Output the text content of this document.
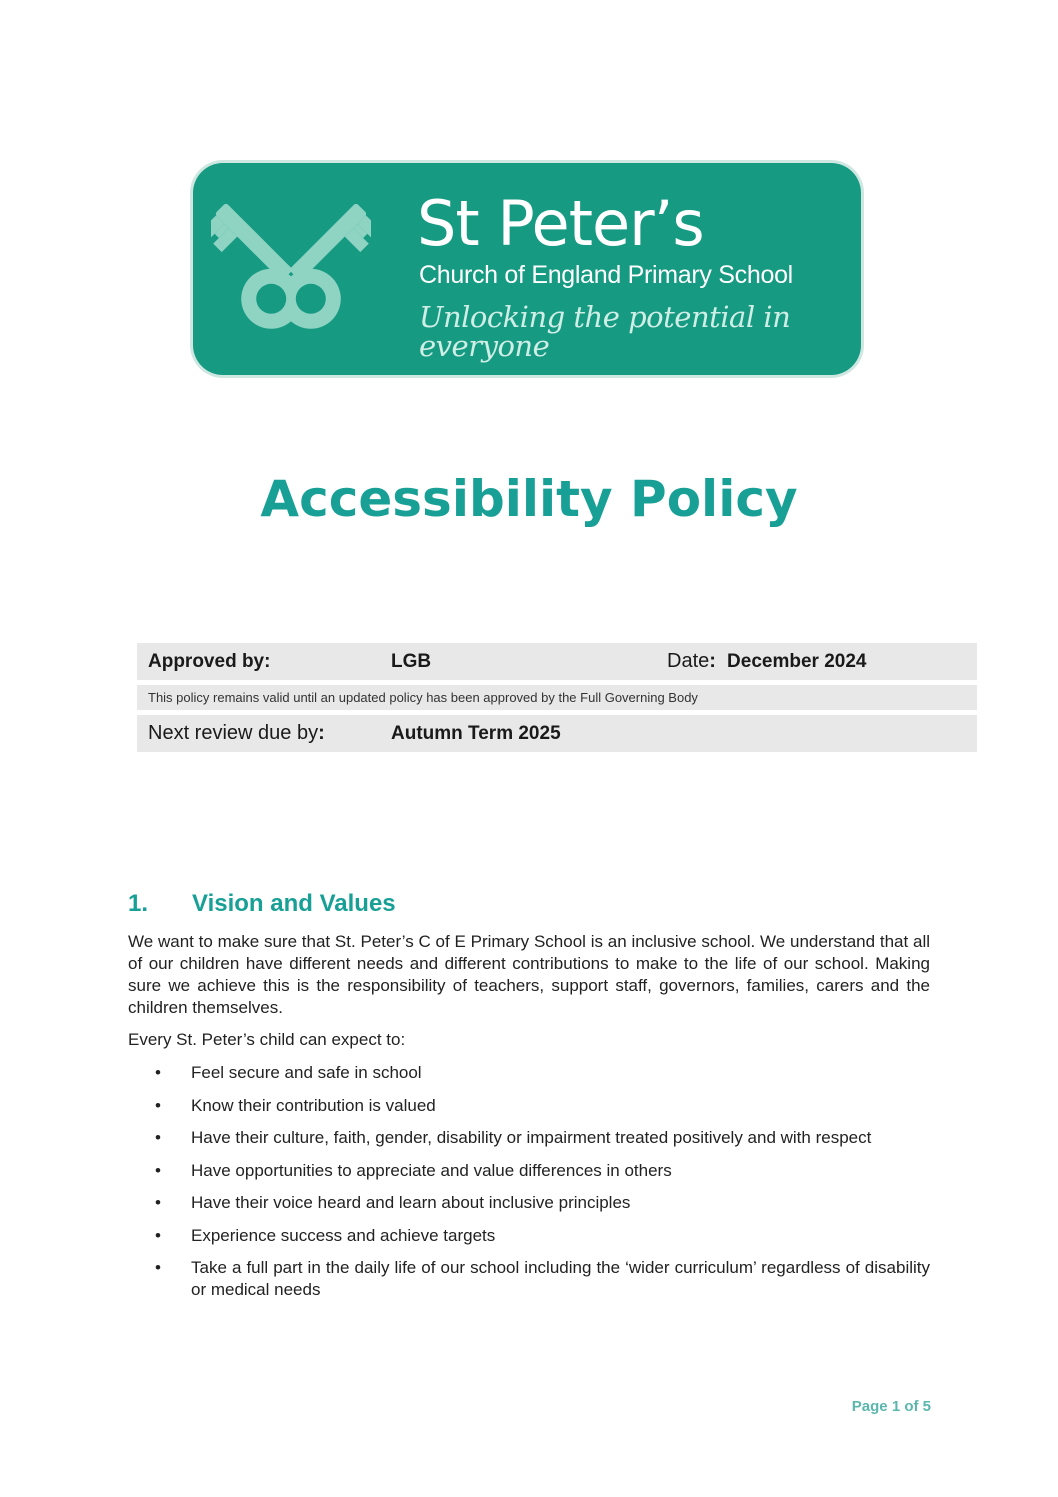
St Peter’s
Church of England Primary School
Unlocking the potential in everyone
Accessibility Policy
Approved by:	LGB	Date: December 2024
This policy remains valid until an updated policy has been approved by the Full Governing Body
Next review due by:	Autumn Term 2025
1. Vision and Values
We want to make sure that St. Peter’s C of E Primary School is an inclusive school. We understand that all of our children have different needs and different contributions to make to the life of our school. Making sure we achieve this is the responsibility of teachers, support staff, governors, families, carers and the children themselves.
Every St. Peter’s child can expect to:
• Feel secure and safe in school
• Know their contribution is valued
• Have their culture, faith, gender, disability or impairment treated positively and with respect
• Have opportunities to appreciate and value differences in others
• Have their voice heard and learn about inclusive principles
• Experience success and achieve targets
• Take a full part in the daily life of our school including the ‘wider curriculum’ regardless of disability or medical needs
Page 1 of 5
